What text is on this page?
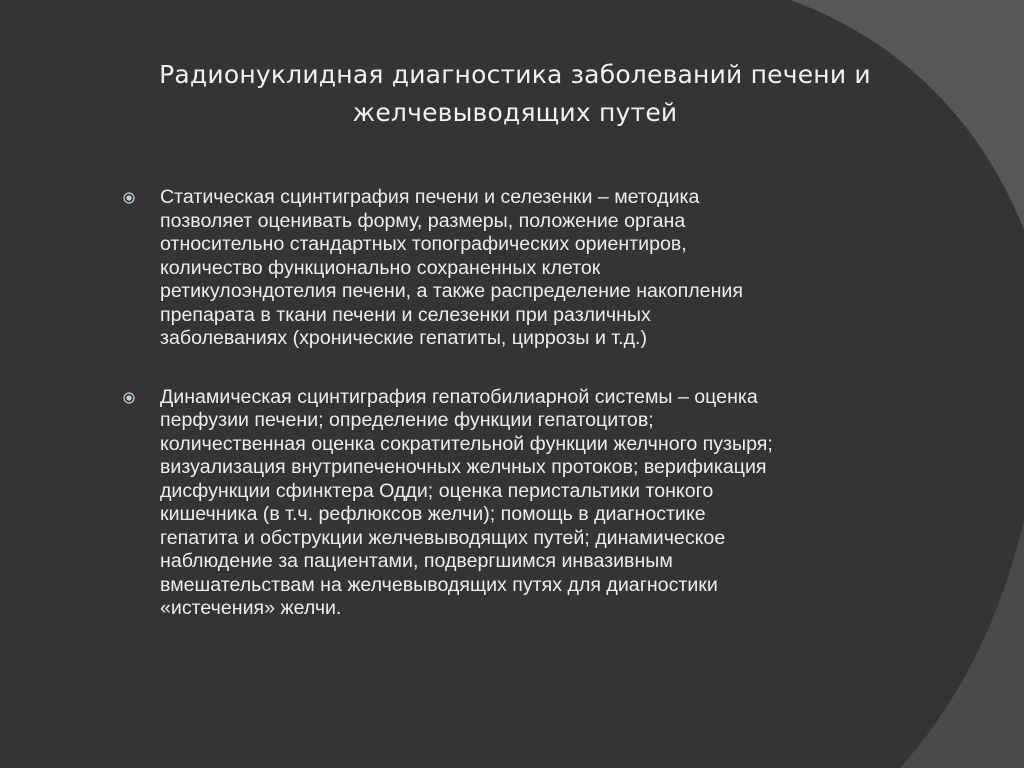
Радионуклидная диагностика заболеваний печени и
желчевыводящих путей

Статическая сцинтиграфия печени и селезенки – методика
позволяет оценивать форму, размеры, положение органа
относительно стандартных топографических ориентиров,
количество функционально сохраненных клеток
ретикулоэндотелия печени, а также распределение накопления
препарата в ткани печени и селезенки при различных
заболеваниях (хронические гепатиты, циррозы и т.д.)

Динамическая сцинтиграфия гепатобилиарной системы – оценка
перфузии печени; определение функции гепатоцитов;
количественная оценка сократительной функции желчного пузыря;
визуализация внутрипеченочных желчных протоков; верификация
дисфункции сфинктера Одди; оценка перистальтики тонкого
кишечника (в т.ч. рефлюксов желчи); помощь в диагностике
гепатита и обструкции желчевыводящих путей; динамическое
наблюдение за пациентами, подвергшимся инвазивным
вмешательствам на желчевыводящих путях для диагностики
«истечения» желчи.
